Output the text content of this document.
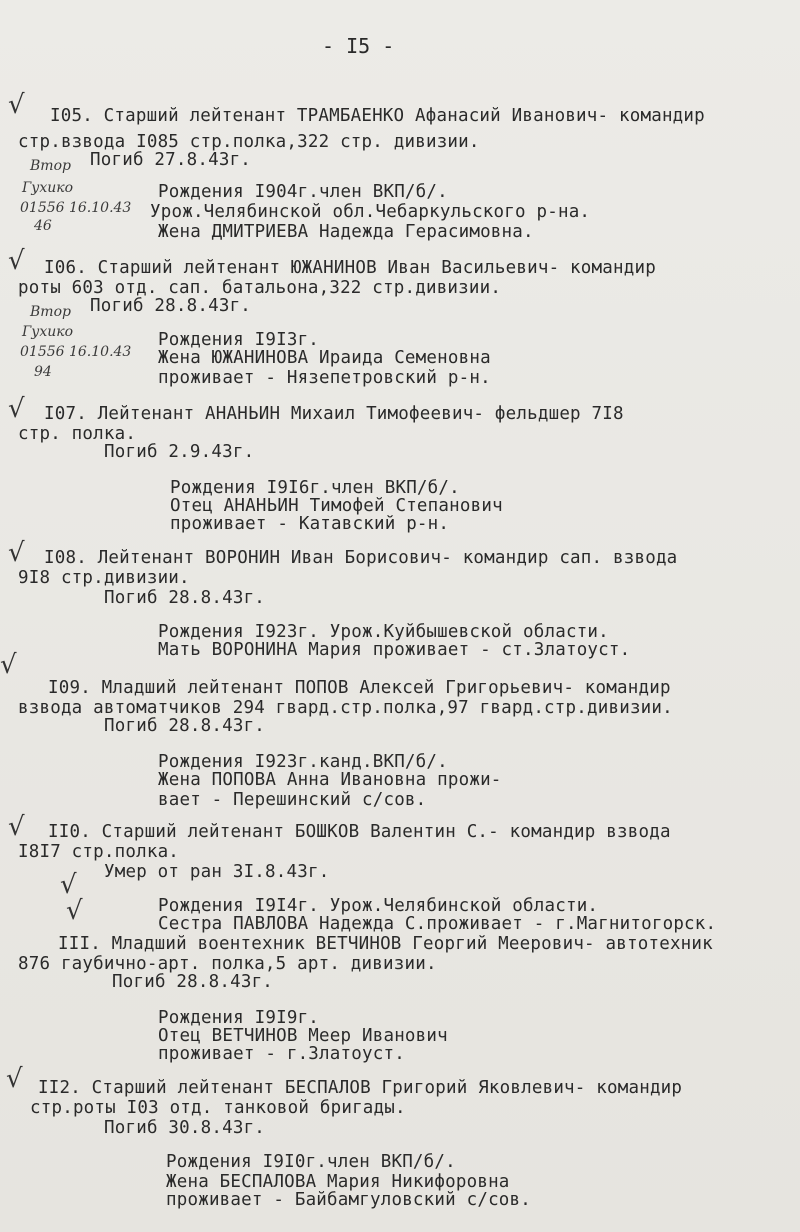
- I5 -
√ I05. Старший лейтенант ТРАМБАЕНКО Афанасий Иванович- командир
стр.взвода I085 стр.полка,322 стр. дивизии.
Погиб 27.8.43г.
Рождения I904г.член ВКП/б/.
Урож.Челябинской обл.Чебаркульского р-на.
Жена ДМИТРИЕВА Надежда Герасимовна.
Втор
Гухико
01556 16.10.43
46
√ I06. Старший лейтенант ЮЖАНИНОВ Иван Васильевич- командир
роты 603 отд. сап. батальона,322 стр.дивизии.
Погиб 28.8.43г.
Рождения I9I3г.
Жена ЮЖАНИНОВА Ираида Семеновна
проживает - Нязепетровский р-н.
Втор
Гухико
01556 16.10.43
94
√ I07. Лейтенант АНАНЬИН Михаил Тимофеевич- фельдшер 7I8
стр. полка.
Погиб 2.9.43г.
Рождения I9I6г.член ВКП/б/.
Отец АНАНЬИН Тимофей Степанович
проживает - Катавский р-н.
√ I08. Лейтенант ВОРОНИН Иван Борисович- командир сап. взвода
9I8 стр.дивизии.
Погиб 28.8.43г.
Рождения I923г. Урож.Куйбышевской области.
Мать ВОРОНИНА Мария проживает - ст.Златоуст.
√
I09. Младший лейтенант ПОПОВ Алексей Григорьевич- командир
взвода автоматчиков 294 гвард.стр.полка,97 гвард.стр.дивизии.
Погиб 28.8.43г.
Рождения I923г.канд.ВКП/б/.
Жена ПОПОВА Анна Ивановна прожи-
вает - Перешинский с/сов.
√ II0. Старший лейтенант БОШКОВ Валентин С.- командир взвода
I8I7 стр.полка.
Умер от ран 3I.8.43г.
Рождения I9I4г. Урож.Челябинской области.
Сестра ПАВЛОВА Надежда С.проживает - г.Магнитогорск.
√
√
III. Младший воентехник ВЕТЧИНОВ Георгий Меерович- автотехник
876 гаубично-арт. полка,5 арт. дивизии.
Погиб 28.8.43г.
Рождения I9I9г.
Отец ВЕТЧИНОВ Меер Иванович
проживает - г.Златоуст.
√ II2. Старший лейтенант БЕСПАЛОВ Григорий Яковлевич- командир
стр.роты I03 отд. танковой бригады.
Погиб 30.8.43г.
Рождения I9I0г.член ВКП/б/.
Жена БЕСПАЛОВА Мария Никифоровна
проживает - Байбамгуловский с/сов.
